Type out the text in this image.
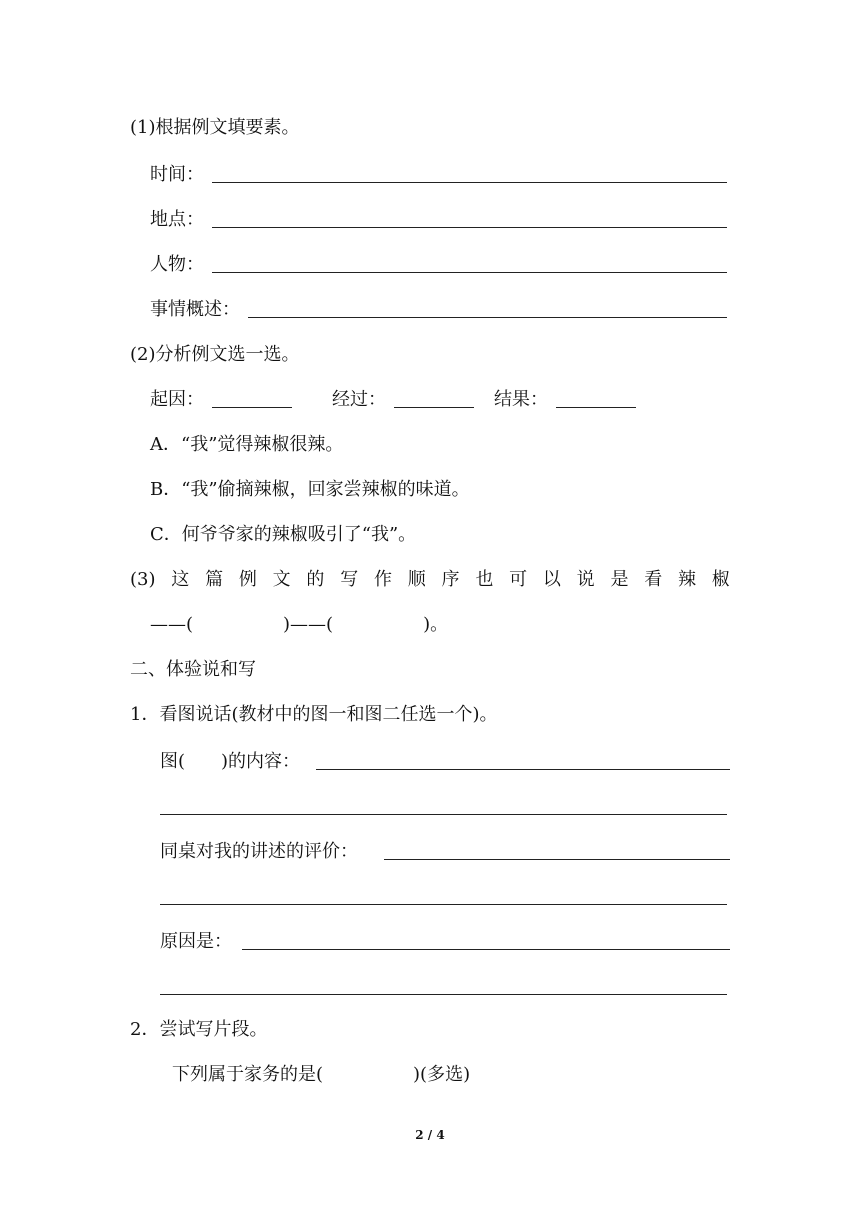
(1)根据例文填要素。
时间：
地点：
人物：
事情概述：
(2)分析例文选一选。
起因：	经过：	结果：
A．“我”觉得辣椒很辣。
B．“我”偷摘辣椒，回家尝辣椒的味道。
C．何爷爷家的辣椒吸引了“我”。
(3) 这 篇 例 文 的 写 作 顺 序 也 可 以 说 是 看 辣 椒
——(　　　　　)——(　　　　　)。
二、体验说和写
1．看图说话(教材中的图一和图二任选一个)。
图(　　)的内容：
同桌对我的讲述的评价：
原因是：
2．尝试写片段。
下列属于家务的是(　　　　　)(多选)
2 / 4
